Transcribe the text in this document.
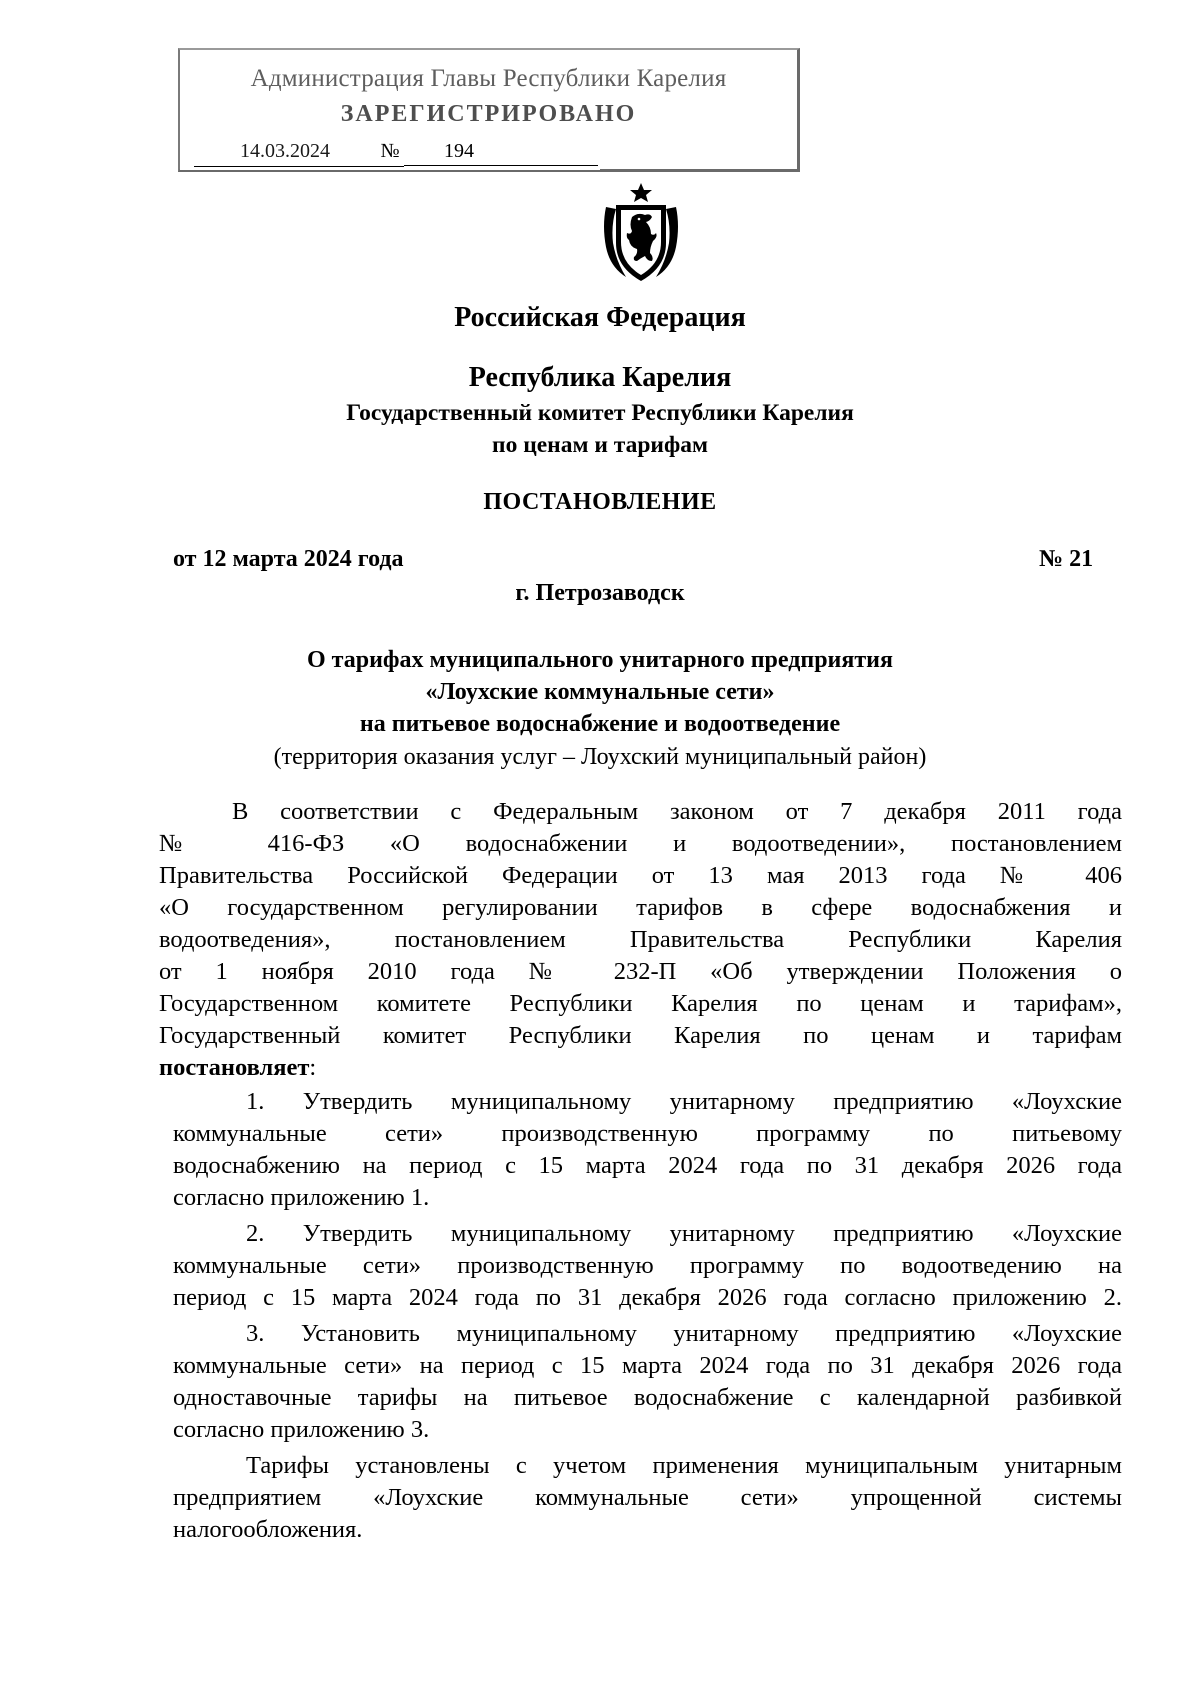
Администрация Главы Республики Карелия
ЗАРЕГИСТРИРОВАНО
14.03.2024	№	194
Российская Федерация
Республика Карелия
Государственный комитет Республики Карелия
по ценам и тарифам
ПОСТАНОВЛЕНИЕ
от 12 марта 2024 года	№ 21
г. Петрозаводск
О тарифах муниципального унитарного предприятия
«Лоухские коммунальные сети»
на питьевое водоснабжение и водоотведение
(территория оказания услуг – Лоухский муниципальный район)
В соответствии с Федеральным законом от 7 декабря 2011 года
№ 416-ФЗ «О водоснабжении и водоотведении», постановлением
Правительства Российской Федерации от 13 мая 2013 года № 406
«О государственном регулировании тарифов в сфере водоснабжения и
водоотведения», постановлением Правительства Республики Карелия
от 1 ноября 2010 года № 232-П «Об утверждении Положения о
Государственном комитете Республики Карелия по ценам и тарифам»,
Государственный комитет Республики Карелия по ценам и тарифам
постановляет:
1. Утвердить муниципальному унитарному предприятию «Лоухские
коммунальные сети» производственную программу по питьевому
водоснабжению на период с 15 марта 2024 года по 31 декабря 2026 года
согласно приложению 1.
2. Утвердить муниципальному унитарному предприятию «Лоухские
коммунальные сети» производственную программу по водоотведению на
период с 15 марта 2024 года по 31 декабря 2026 года согласно приложению 2.
3. Установить муниципальному унитарному предприятию «Лоухские
коммунальные сети» на период с 15 марта 2024 года по 31 декабря 2026 года
одноставочные тарифы на питьевое водоснабжение с календарной разбивкой
согласно приложению 3.
Тарифы установлены с учетом применения муниципальным унитарным
предприятием «Лоухские коммунальные сети» упрощенной системы
налогообложения.
